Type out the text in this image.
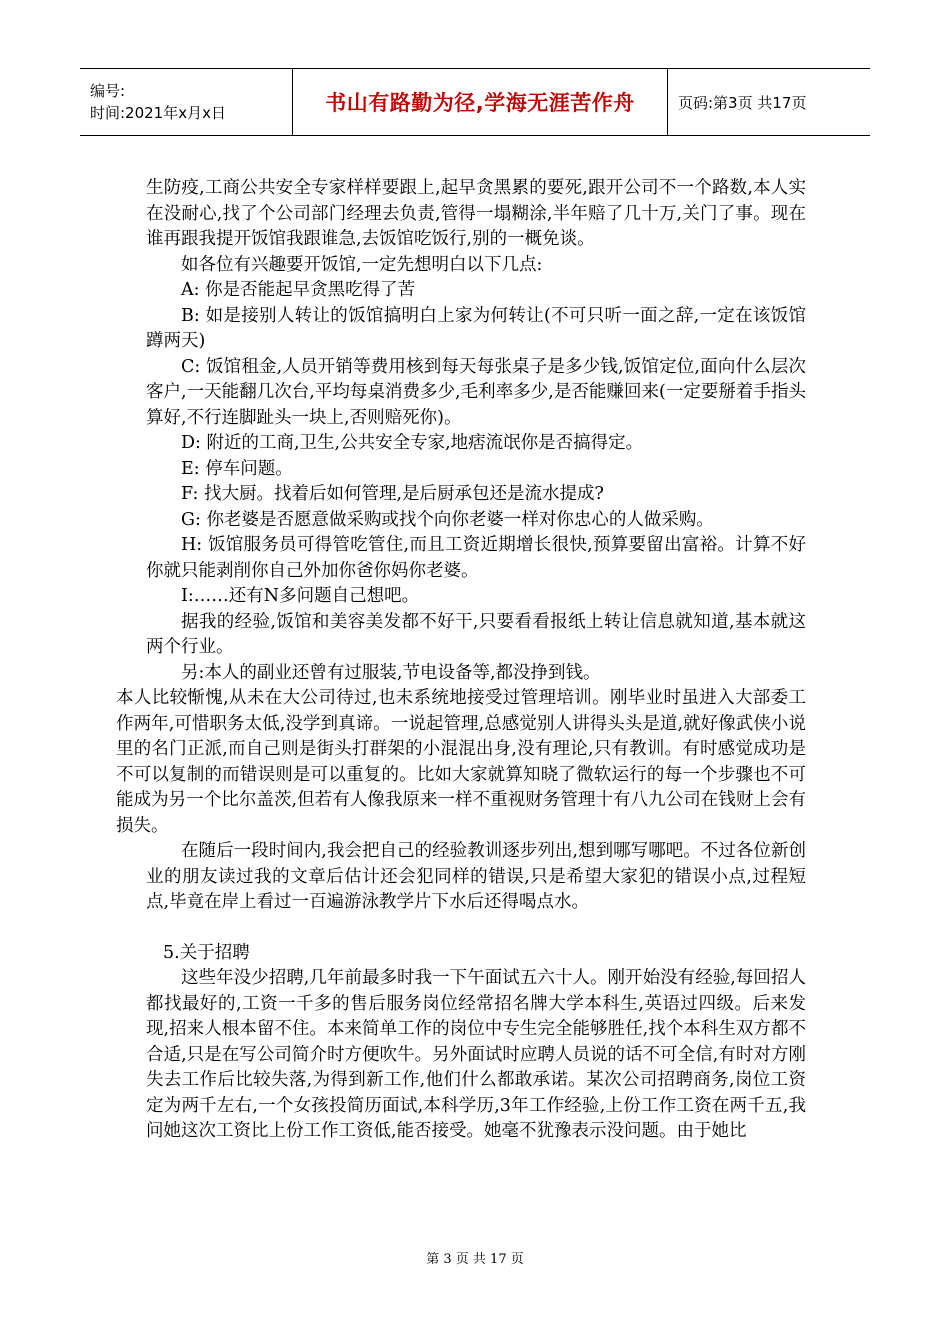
编号:
时间:2021年x月x日	书山有路勤为径,学海无涯苦作舟	页码:第3页 共17页

生防疫,工商公共安全专家样样要跟上,起早贪黑累的要死,跟开公司不一个路数,本人实在没耐心,找了个公司部门经理去负责,管得一塌糊涂,半年赔了几十万,关门了事。现在谁再跟我提开饭馆我跟谁急,去饭馆吃饭行,别的一概免谈。

如各位有兴趣要开饭馆,一定先想明白以下几点:

A: 你是否能起早贪黑吃得了苦

B: 如是接别人转让的饭馆搞明白上家为何转让(不可只听一面之辞,一定在该饭馆蹲两天)

C: 饭馆租金,人员开销等费用核到每天每张桌子是多少钱,饭馆定位,面向什么层次客户,一天能翻几次台,平均每桌消费多少,毛利率多少,是否能赚回来(一定要掰着手指头算好,不行连脚趾头一块上,否则赔死你)。

D: 附近的工商,卫生,公共安全专家,地痞流氓你是否搞得定。

E: 停车问题。

F: 找大厨。找着后如何管理,是后厨承包还是流水提成?

G: 你老婆是否愿意做采购或找个向你老婆一样对你忠心的人做采购。

H: 饭馆服务员可得管吃管住,而且工资近期增长很快,预算要留出富裕。计算不好你就只能剥削你自己外加你爸你妈你老婆。

I:……还有N多问题自己想吧。

据我的经验,饭馆和美容美发都不好干,只要看看报纸上转让信息就知道,基本就这两个行业。

另:本人的副业还曾有过服装,节电设备等,都没挣到钱。

本人比较惭愧,从未在大公司待过,也未系统地接受过管理培训。刚毕业时虽进入大部委工作两年,可惜职务太低,没学到真谛。一说起管理,总感觉别人讲得头头是道,就好像武侠小说里的名门正派,而自己则是街头打群架的小混混出身,没有理论,只有教训。有时感觉成功是不可以复制的而错误则是可以重复的。比如大家就算知晓了微软运行的每一个步骤也不可能成为另一个比尔盖茨,但若有人像我原来一样不重视财务管理十有八九公司在钱财上会有损失。

在随后一段时间内,我会把自己的经验教训逐步列出,想到哪写哪吧。不过各位新创业的朋友读过我的文章后估计还会犯同样的错误,只是希望大家犯的错误小点,过程短点,毕竟在岸上看过一百遍游泳教学片下水后还得喝点水。

5.关于招聘

这些年没少招聘,几年前最多时我一下午面试五六十人。刚开始没有经验,每回招人都找最好的,工资一千多的售后服务岗位经常招名牌大学本科生,英语过四级。后来发现,招来人根本留不住。本来简单工作的岗位中专生完全能够胜任,找个本科生双方都不合适,只是在写公司简介时方便吹牛。另外面试时应聘人员说的话不可全信,有时对方刚失去工作后比较失落,为得到新工作,他们什么都敢承诺。某次公司招聘商务,岗位工资定为两千左右,一个女孩投简历面试,本科学历,3年工作经验,上份工作工资在两千五,我问她这次工资比上份工作工资低,能否接受。她毫不犹豫表示没问题。由于她比

第 3 页 共 17 页
